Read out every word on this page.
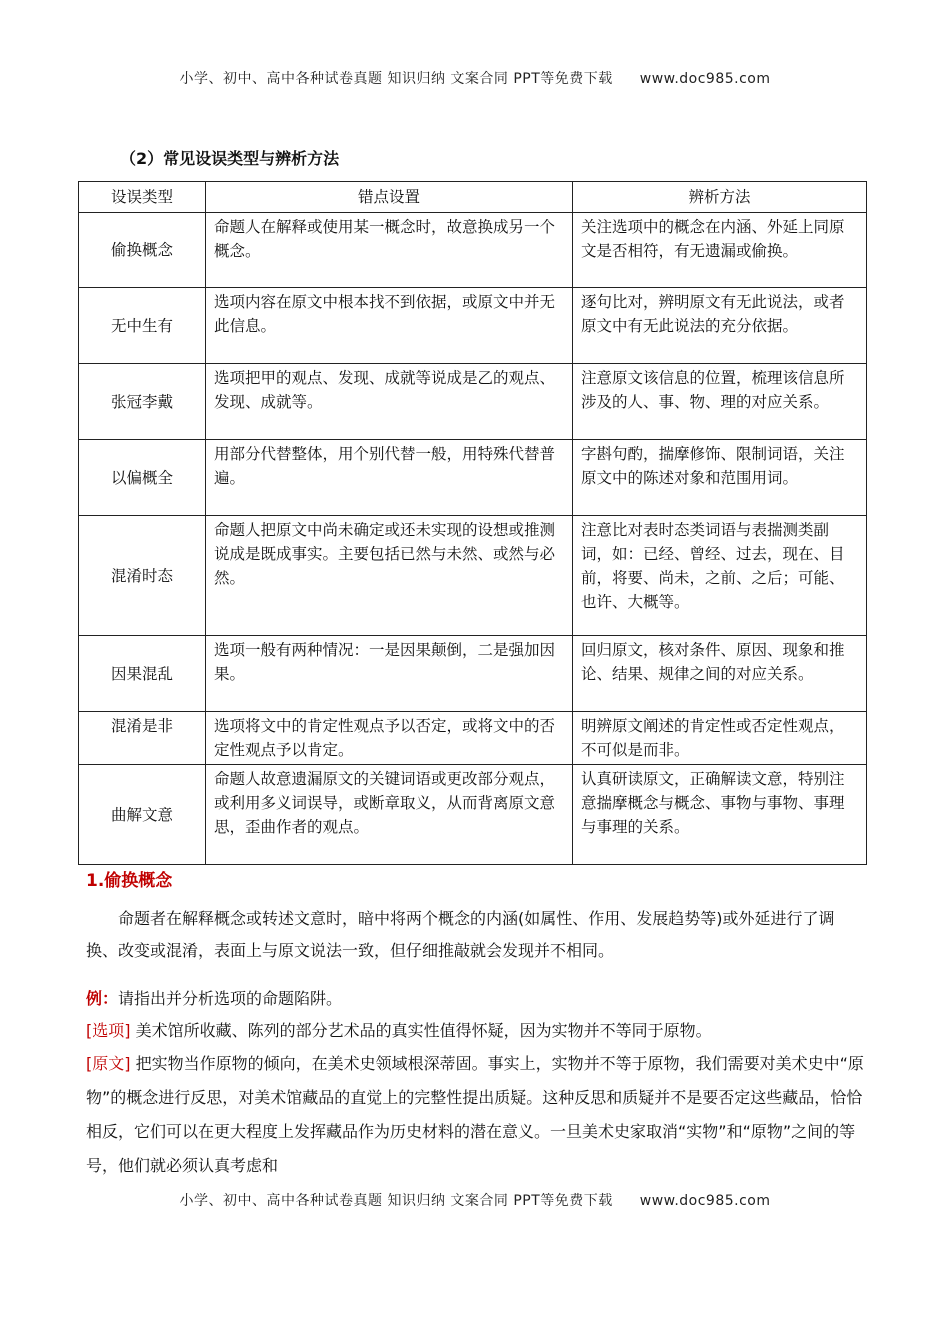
小学、初中、高中各种试卷真题 知识归纳 文案合同 PPT等免费下载 www.doc985.com
（2）常见设误类型与辨析方法
设误类型	错点设置	辨析方法
偷换概念	命题人在解释或使用某一概念时，故意换成另一个概念。	关注选项中的概念在内涵、外延上同原文是否相符，有无遗漏或偷换。
无中生有	选项内容在原文中根本找不到依据，或原文中并无此信息。	逐句比对，辨明原文有无此说法，或者原文中有无此说法的充分依据。
张冠李戴	选项把甲的观点、发现、成就等说成是乙的观点、发现、成就等。	注意原文该信息的位置，梳理该信息所涉及的人、事、物、理的对应关系。
以偏概全	用部分代替整体，用个别代替一般，用特殊代替普遍。	字斟句酌，揣摩修饰、限制词语，关注原文中的陈述对象和范围用词。
混淆时态	命题人把原文中尚未确定或还未实现的设想或推测说成是既成事实。主要包括已然与未然、或然与必然。	注意比对表时态类词语与表揣测类副词，如：已经、曾经、过去，现在、目前，将要、尚未，之前、之后；可能、也许、大概等。
因果混乱	选项一般有两种情况：一是因果颠倒，二是强加因果。	回归原文，核对条件、原因、现象和推论、结果、规律之间的对应关系。
混淆是非	选项将文中的肯定性观点予以否定，或将文中的否定性观点予以肯定。	明辨原文阐述的肯定性或否定性观点，不可似是而非。
曲解文意	命题人故意遗漏原文的关键词语或更改部分观点，或利用多义词误导，或断章取义，从而背离原文意思，歪曲作者的观点。	认真研读原文，正确解读文意，特别注意揣摩概念与概念、事物与事物、事理与事理的关系。
1.偷换概念
命题者在解释概念或转述文意时，暗中将两个概念的内涵(如属性、作用、发展趋势等)或外延进行了调换、改变或混淆，表面上与原文说法一致，但仔细推敲就会发现并不相同。
例：请指出并分析选项的命题陷阱。
[选项] 美术馆所收藏、陈列的部分艺术品的真实性值得怀疑，因为实物并不等同于原物。
[原文] 把实物当作原物的倾向，在美术史领域根深蒂固。事实上，实物并不等于原物，我们需要对美术史中“原物”的概念进行反思，对美术馆藏品的直觉上的完整性提出质疑。这种反思和质疑并不是要否定这些藏品，恰恰相反，它们可以在更大程度上发挥藏品作为历史材料的潜在意义。一旦美术史家取消“实物”和“原物”之间的等号，他们就必须认真考虑和
小学、初中、高中各种试卷真题 知识归纳 文案合同 PPT等免费下载 www.doc985.com
